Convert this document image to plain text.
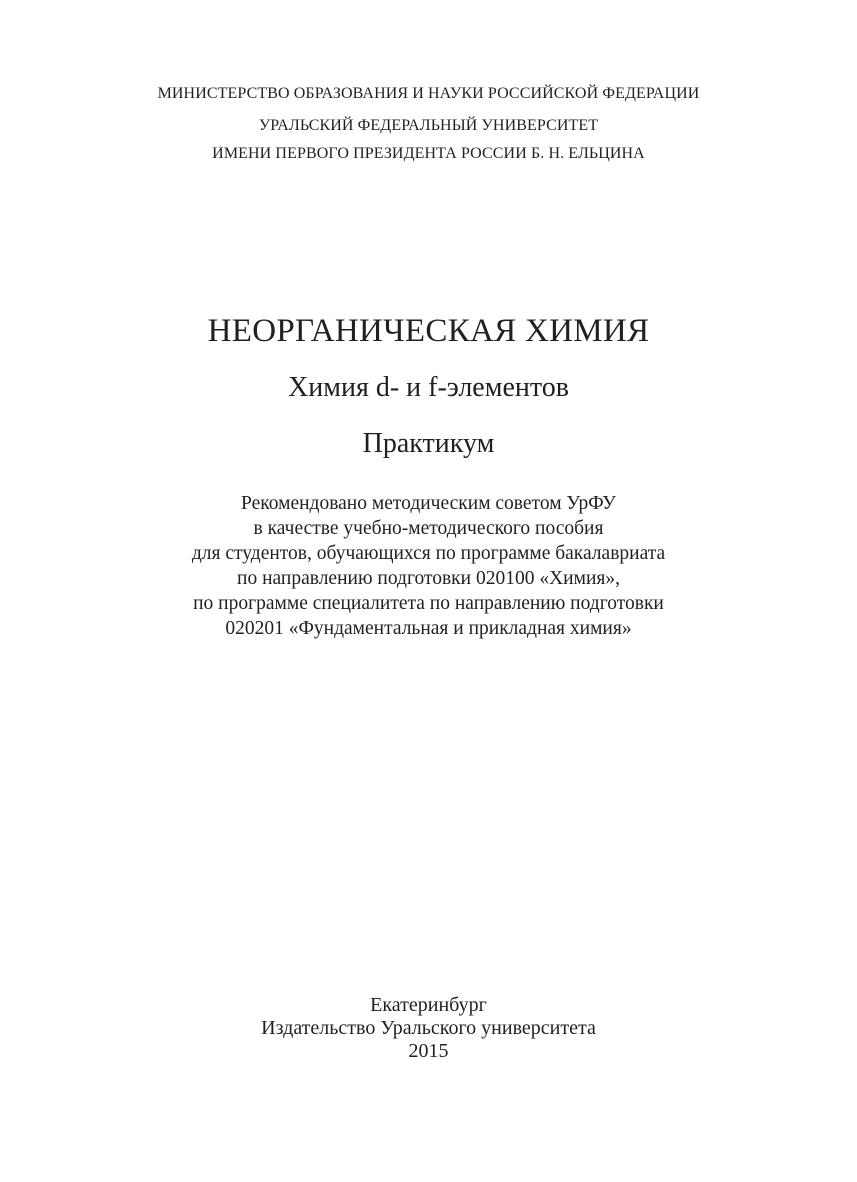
МИНИСТЕРСТВО ОБРАЗОВАНИЯ И НАУКИ РОССИЙСКОЙ ФЕДЕРАЦИИ
УРАЛЬСКИЙ ФЕДЕРАЛЬНЫЙ УНИВЕРСИТЕТ
ИМЕНИ ПЕРВОГО ПРЕЗИДЕНТА РОССИИ Б. Н. ЕЛЬЦИНА
НЕОРГАНИЧЕСКАЯ ХИМИЯ
Химия d- и f-элементов
Практикум
Рекомендовано методическим советом УрФУ
в качестве учебно-методического пособия
для студентов, обучающихся по программе бакалавриата
по направлению подготовки 020100 «Химия»,
по программе специалитета по направлению подготовки
020201 «Фундаментальная и прикладная химия»
Екатеринбург
Издательство Уральского университета
2015
